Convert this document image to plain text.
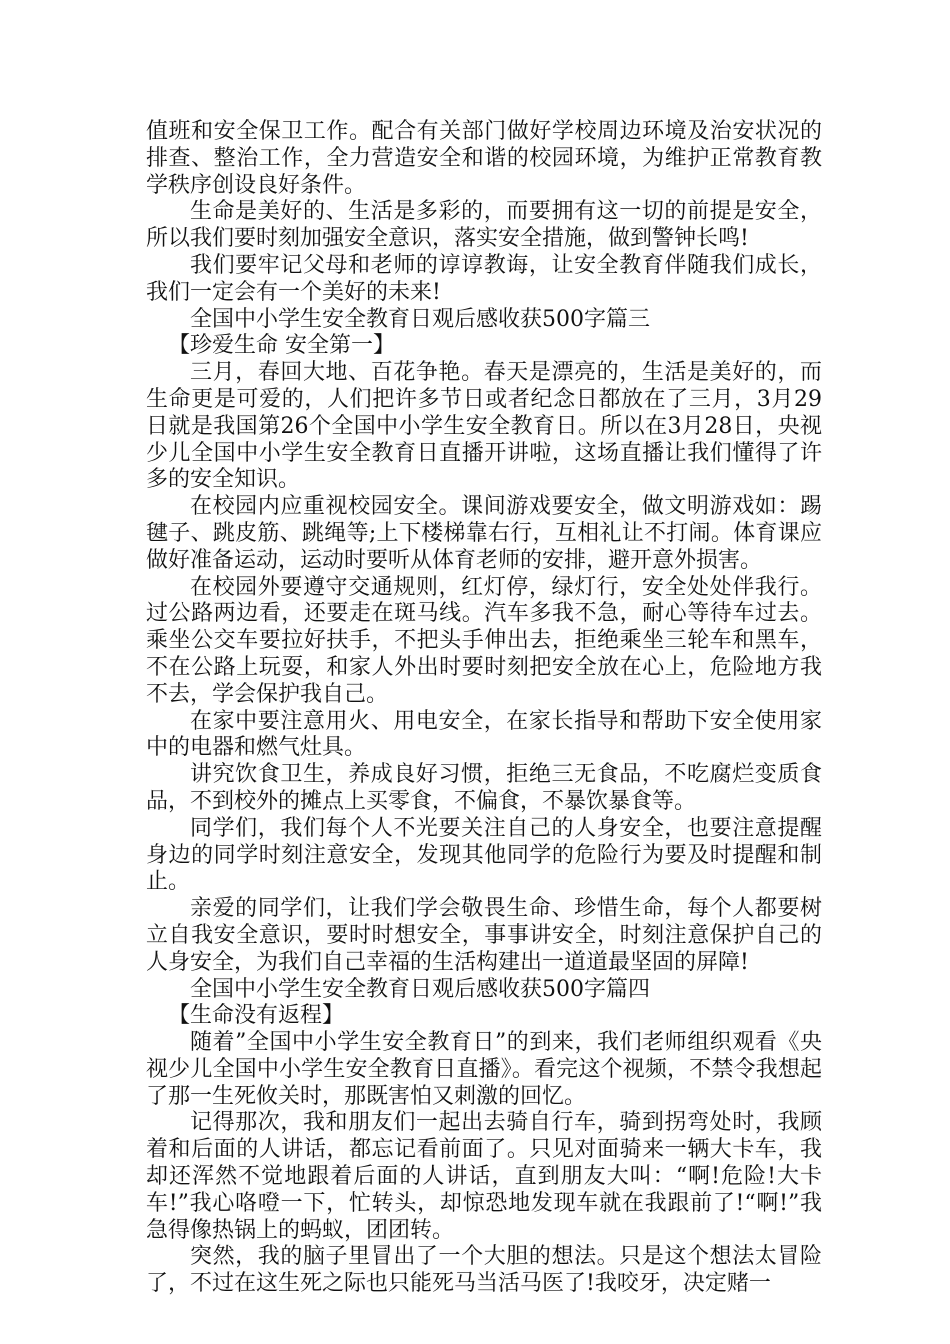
值班和安全保卫工作。配合有关部门做好学校周边环境及治安状况的排查、整治工作，全力营造安全和谐的校园环境，为维护正常教育教学秩序创设良好条件。

生命是美好的、生活是多彩的，而要拥有这一切的前提是安全，所以我们要时刻加强安全意识，落实安全措施，做到警钟长鸣!

我们要牢记父母和老师的谆谆教诲，让安全教育伴随我们成长，我们一定会有一个美好的未来!

全国中小学生安全教育日观后感收获500字篇三

【珍爱生命 安全第一】

三月，春回大地、百花争艳。春天是漂亮的，生活是美好的，而生命更是可爱的，人们把许多节日或者纪念日都放在了三月，3月29日就是我国第26个全国中小学生安全教育日。所以在3月28日，央视少儿全国中小学生安全教育日直播开讲啦，这场直播让我们懂得了许多的安全知识。

在校园内应重视校园安全。课间游戏要安全，做文明游戏如：踢毽子、跳皮筋、跳绳等;上下楼梯靠右行，互相礼让不打闹。体育课应做好准备运动，运动时要听从体育老师的安排，避开意外损害。

在校园外要遵守交通规则，红灯停，绿灯行，安全处处伴我行。过公路两边看，还要走在斑马线。汽车多我不急，耐心等待车过去。乘坐公交车要拉好扶手，不把头手伸出去，拒绝乘坐三轮车和黑车，不在公路上玩耍，和家人外出时要时刻把安全放在心上，危险地方我不去，学会保护我自己。

在家中要注意用火、用电安全，在家长指导和帮助下安全使用家中的电器和燃气灶具。

讲究饮食卫生，养成良好习惯，拒绝三无食品，不吃腐烂变质食品，不到校外的摊点上买零食，不偏食，不暴饮暴食等。

同学们，我们每个人不光要关注自己的人身安全，也要注意提醒身边的同学时刻注意安全，发现其他同学的危险行为要及时提醒和制止。

亲爱的同学们，让我们学会敬畏生命、珍惜生命，每个人都要树立自我安全意识，要时时想安全，事事讲安全，时刻注意保护自己的人身安全，为我们自己幸福的生活构建出一道道最坚固的屏障!

全国中小学生安全教育日观后感收获500字篇四

【生命没有返程】

随着”全国中小学生安全教育日”的到来，我们老师组织观看《央视少儿全国中小学生安全教育日直播》。看完这个视频，不禁令我想起了那一生死攸关时，那既害怕又刺激的回忆。

记得那次，我和朋友们一起出去骑自行车，骑到拐弯处时，我顾着和后面的人讲话，都忘记看前面了。只见对面骑来一辆大卡车，我却还浑然不觉地跟着后面的人讲话，直到朋友大叫：“啊!危险!大卡车!”我心咯噔一下，忙转头，却惊恐地发现车就在我跟前了!“啊!”我急得像热锅上的蚂蚁，团团转。

突然，我的脑子里冒出了一个大胆的想法。只是这个想法太冒险了，不过在这生死之际也只能死马当活马医了!我咬牙，决定赌一
